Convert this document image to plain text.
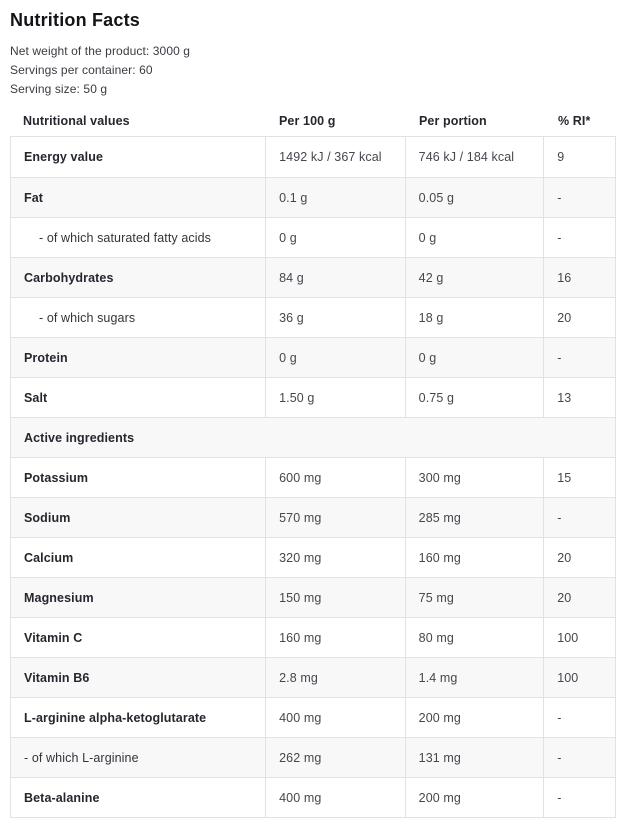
Nutrition Facts
Net weight of the product: 3000 g
Servings per container: 60
Serving size: 50 g
Nutritional values	Per 100 g	Per portion	% RI*
Energy value	1492 kJ / 367 kcal	746 kJ / 184 kcal	9
Fat	0.1 g	0.05 g	-
- of which saturated fatty acids	0 g	0 g	-
Carbohydrates	84 g	42 g	16
- of which sugars	36 g	18 g	20
Protein	0 g	0 g	-
Salt	1.50 g	0.75 g	13
Active ingredients
Potassium	600 mg	300 mg	15
Sodium	570 mg	285 mg	-
Calcium	320 mg	160 mg	20
Magnesium	150 mg	75 mg	20
Vitamin C	160 mg	80 mg	100
Vitamin B6	2.8 mg	1.4 mg	100
L-arginine alpha-ketoglutarate	400 mg	200 mg	-
- of which L-arginine	262 mg	131 mg	-
Beta-alanine	400 mg	200 mg	-
